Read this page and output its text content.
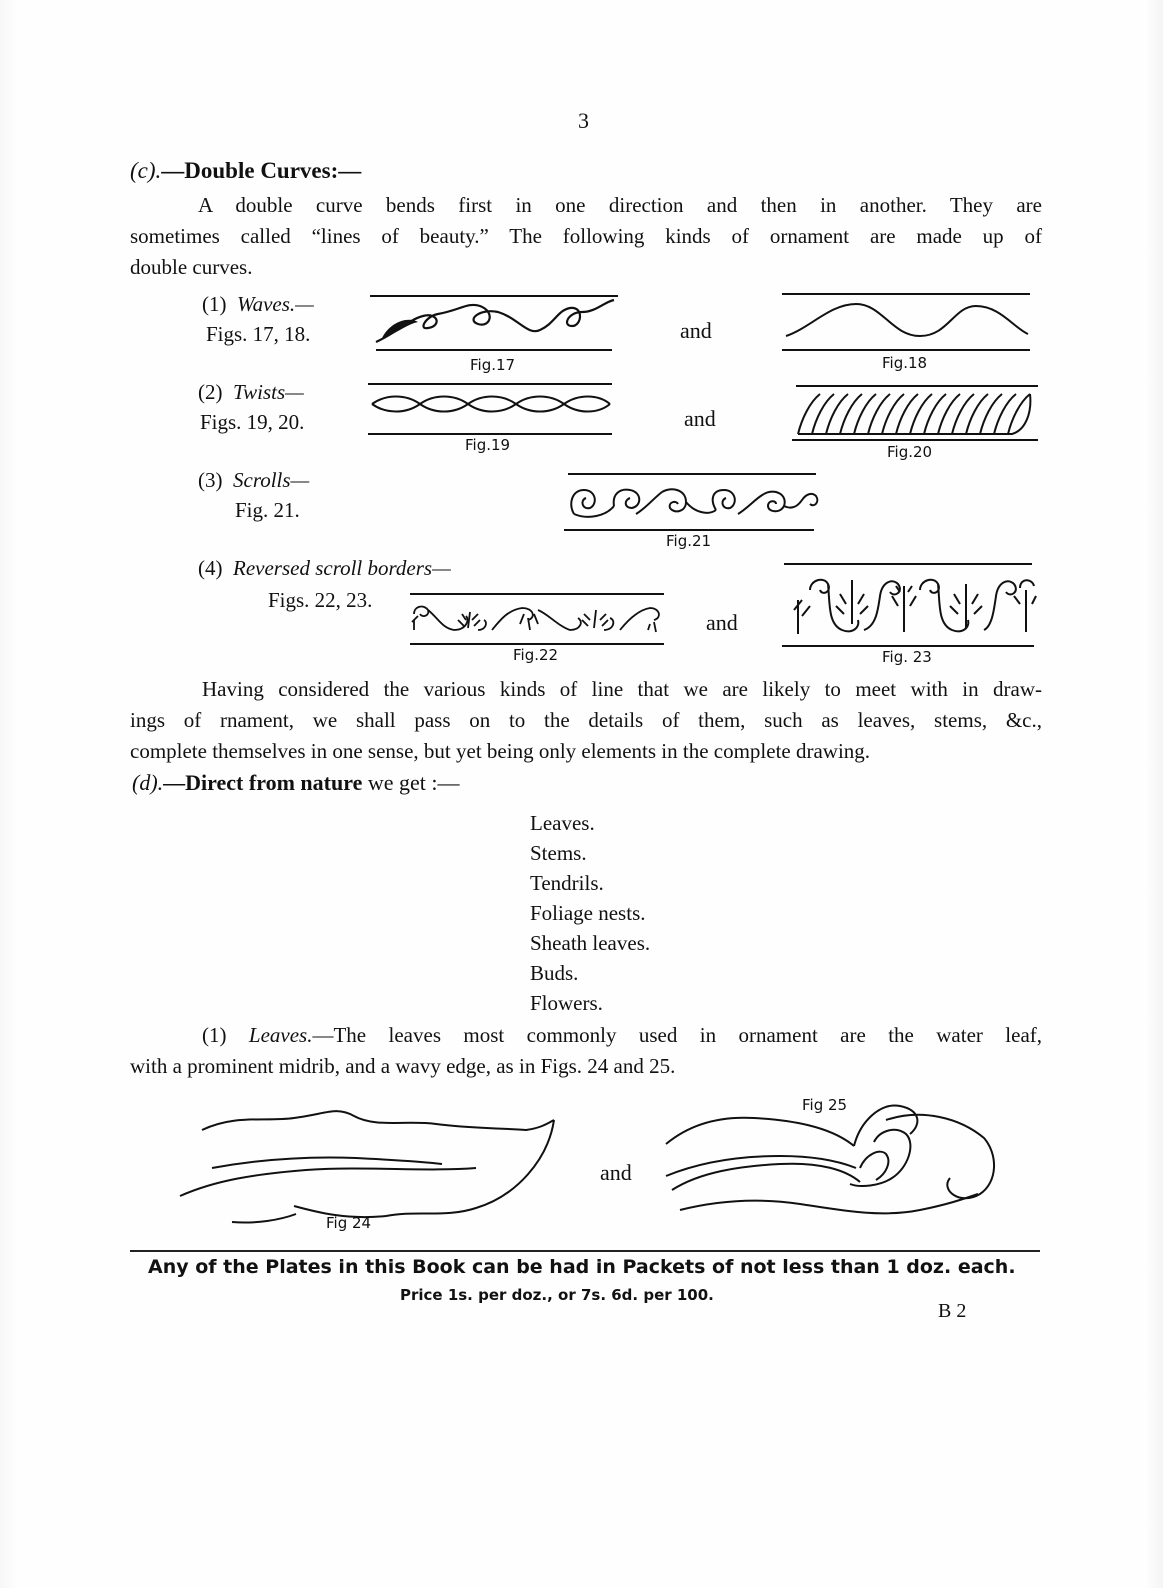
3
(c).—Double Curves:—
A double curve bends first in one direction and then in another. They are
sometimes called “lines of beauty.” The following kinds of ornament are made up of
double curves.
(1) Waves.—
Figs. 17, 18.
Fig.17
and
Fig.18
(2) Twists—
Figs. 19, 20.
Fig.19
and
Fig.20
(3) Scrolls—
Fig. 21.
Fig.21
(4) Reversed scroll borders—
Figs. 22, 23.
Fig.22
and
Fig. 23
Having considered the various kinds of line that we are likely to meet with in draw-
ings of rnament, we shall pass on to the details of them, such as leaves, stems, &c.,
complete themselves in one sense, but yet being only elements in the complete drawing.
(d).—Direct from nature we get :—
Leaves.
Stems.
Tendrils.
Foliage nests.
Sheath leaves.
Buds.
Flowers.
(1) Leaves.—The leaves most commonly used in ornament are the water leaf,
with a prominent midrib, and a wavy edge, as in Figs. 24 and 25.
Fig 24
and
Fig 25
Any of the Plates in this Book can be had in Packets of not less than 1 doz. each.
Price 1s. per doz., or 7s. 6d. per 100.
B 2
